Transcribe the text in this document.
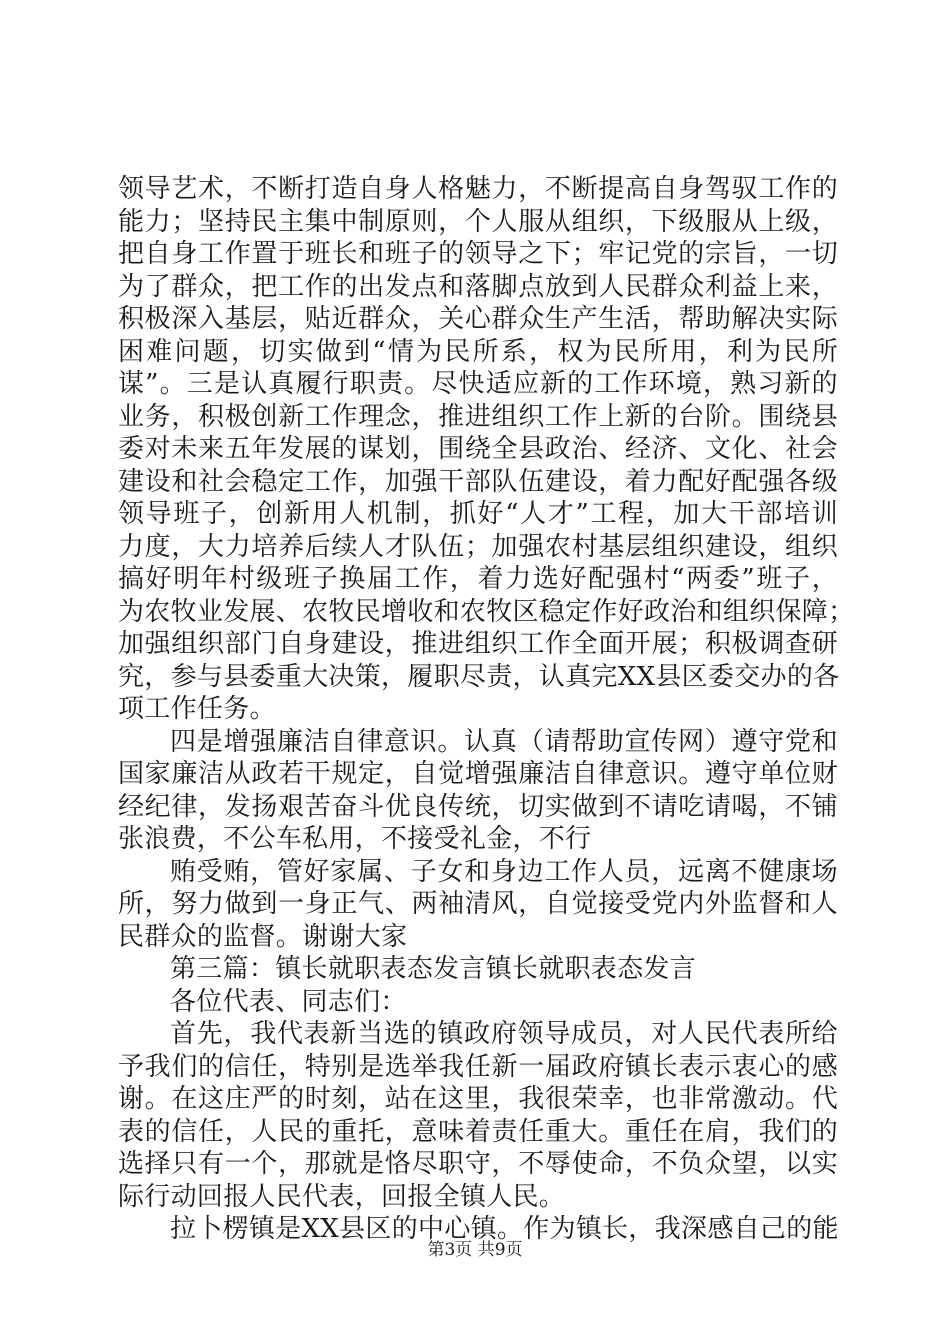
领导艺术，不断打造自身人格魅力，不断提高自身驾驭工作的
能力；坚持民主集中制原则，个人服从组织，下级服从上级，
把自身工作置于班长和班子的领导之下；牢记党的宗旨，一切
为了群众，把工作的出发点和落脚点放到人民群众利益上来，
积极深入基层，贴近群众，关心群众生产生活，帮助解决实际
困难问题，切实做到“情为民所系，权为民所用，利为民所
谋”。三是认真履行职责。尽快适应新的工作环境，熟习新的
业务，积极创新工作理念，推进组织工作上新的台阶。围绕县
委对未来五年发展的谋划，围绕全县政治、经济、文化、社会
建设和社会稳定工作，加强干部队伍建设，着力配好配强各级
领导班子，创新用人机制，抓好“人才”工程，加大干部培训
力度，大力培养后续人才队伍；加强农村基层组织建设，组织
搞好明年村级班子换届工作，着力选好配强村“两委”班子，
为农牧业发展、农牧民增收和农牧区稳定作好政治和组织保障；
加强组织部门自身建设，推进组织工作全面开展；积极调查研
究，参与县委重大决策，履职尽责，认真完XX县区委交办的各
项工作任务。
四是增强廉洁自律意识。认真（请帮助宣传网）遵守党和
国家廉洁从政若干规定，自觉增强廉洁自律意识。遵守单位财
经纪律，发扬艰苦奋斗优良传统，切实做到不请吃请喝，不铺
张浪费，不公车私用，不接受礼金，不行
贿受贿，管好家属、子女和身边工作人员，远离不健康场
所，努力做到一身正气、两袖清风，自觉接受党内外监督和人
民群众的监督。谢谢大家
第三篇：镇长就职表态发言镇长就职表态发言
各位代表、同志们：
首先，我代表新当选的镇政府领导成员，对人民代表所给
予我们的信任，特别是选举我任新一届政府镇长表示衷心的感
谢。在这庄严的时刻，站在这里，我很荣幸，也非常激动。代
表的信任，人民的重托，意味着责任重大。重任在肩，我们的
选择只有一个，那就是恪尽职守，不辱使命，不负众望，以实
际行动回报人民代表，回报全镇人民。
拉卜楞镇是XX县区的中心镇。作为镇长，我深感自己的能
第3页 共9页
